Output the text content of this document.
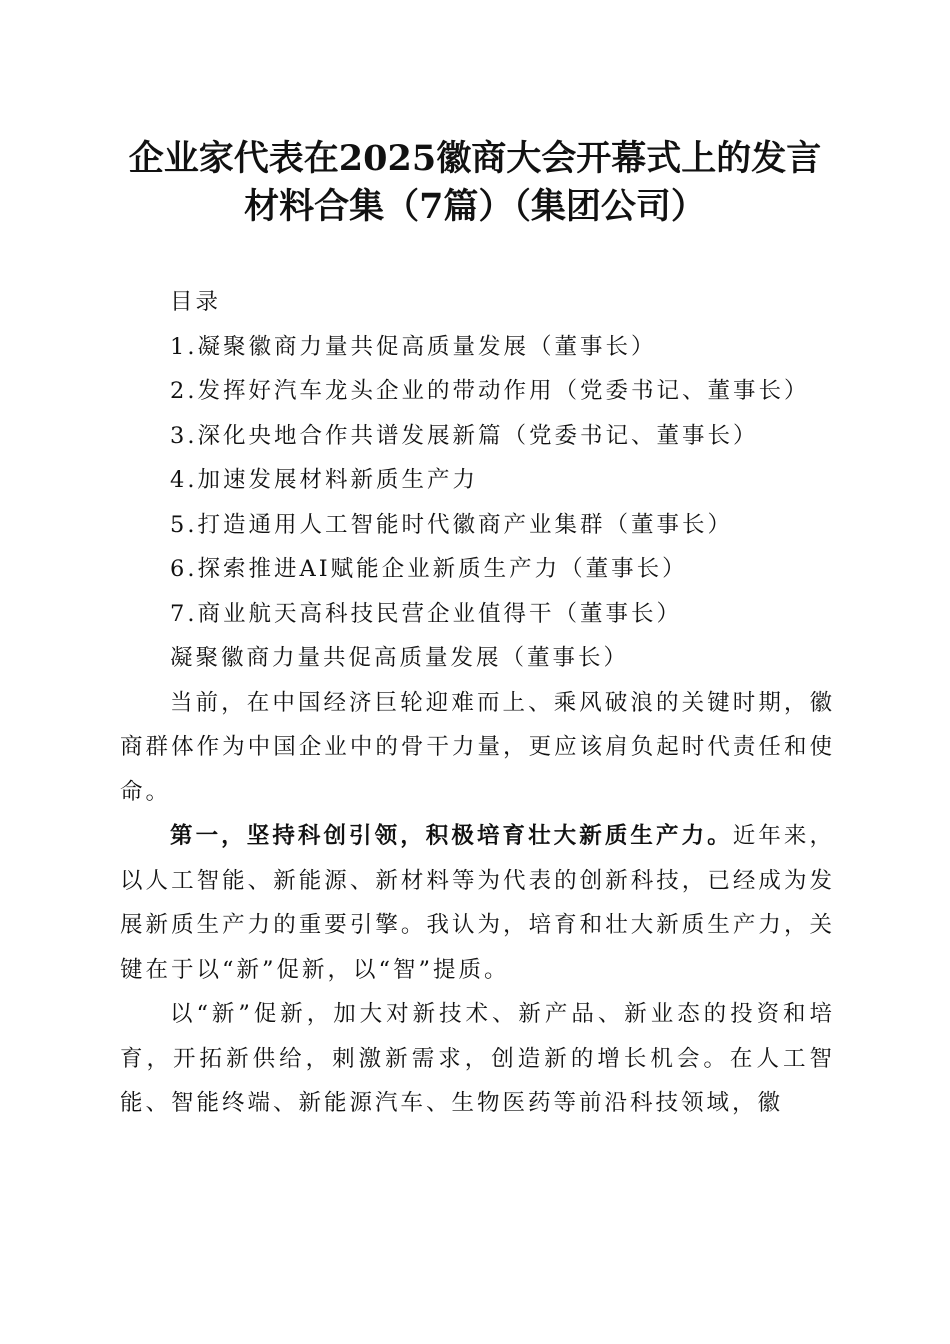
企业家代表在2025徽商大会开幕式上的发言
材料合集（7篇）（集团公司）

目录

1.凝聚徽商力量共促高质量发展（董事长）

2.发挥好汽车龙头企业的带动作用（党委书记、董事长）

3.深化央地合作共谱发展新篇（党委书记、董事长）

4.加速发展材料新质生产力

5.打造通用人工智能时代徽商产业集群（董事长）

6.探索推进AI赋能企业新质生产力（董事长）

7.商业航天高科技民营企业值得干（董事长）

凝聚徽商力量共促高质量发展（董事长）

当前，在中国经济巨轮迎难而上、乘风破浪的关键时期，徽商群体作为中国企业中的骨干力量，更应该肩负起时代责任和使命。

第一，坚持科创引领，积极培育壮大新质生产力。近年来，以人工智能、新能源、新材料等为代表的创新科技，已经成为发展新质生产力的重要引擎。我认为，培育和壮大新质生产力，关键在于以“新”促新，以“智”提质。

以“新”促新，加大对新技术、新产品、新业态的投资和培育，开拓新供给，刺激新需求，创造新的增长机会。在人工智能、智能终端、新能源汽车、生物医药等前沿科技领域，徽
